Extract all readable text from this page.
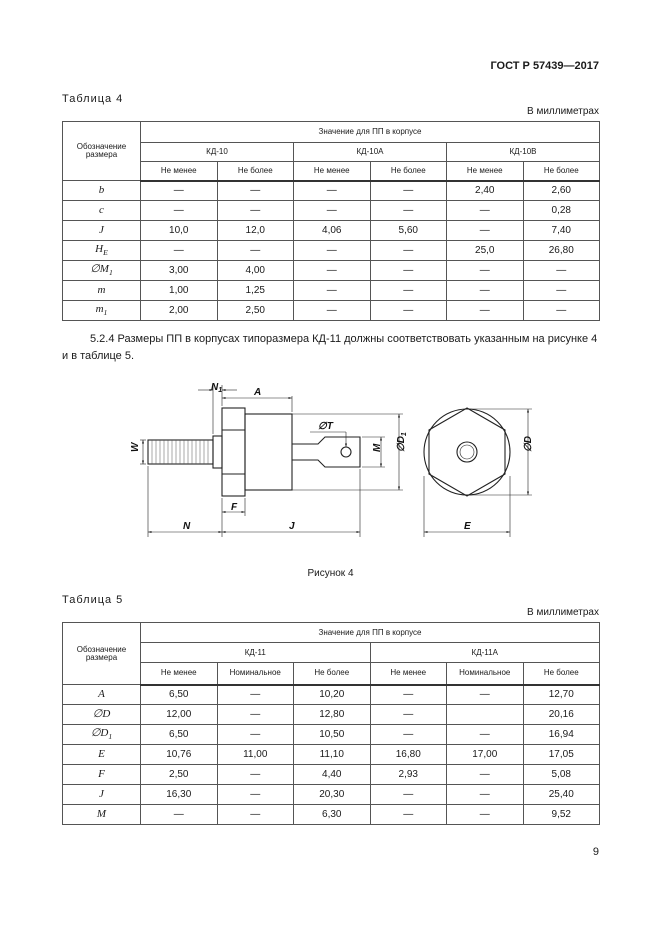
ГОСТ Р 57439—2017
Таблица 4
В миллиметрах
Обозначение размера	Значение для ПП в корпусе					
	КД-10		КД-10А		КД-10В	
	Не менее	Не более	Не менее	Не более	Не менее	Не более
b	—	—	—	—	2,40	2,60
c	—	—	—	—	—	0,28
J	10,0	12,0	4,06	5,60	—	7,40
$H_E$	—	—	—	—	25,0	26,80
$\emptyset M_1$	3,00	4,00	—	—	—	—
m	1,00	1,25	—	—	—	—
$m_1$	2,00	2,50	—	—	—	—
5.2.4 Размеры ПП в корпусах типоразмера КД-11 должны соответствовать указанным на рисунке 4 и в таблице 5.
$N_1$	A
W
∅T
M $\emptyset D_1$
∅D
F
N	J	E
Рисунок 4
Таблица 5
В миллиметрах
Обозначение размера	Значение для ПП в корпусе					
	КД-11			КД-11А		
	Не менее	Номинальное	Не более	Не менее	Номинальное	Не более
A	6,50	—	10,20	—	—	12,70
∅D	12,00	—	12,80	—		20,16
$\emptyset D_1$	6,50	—	10,50	—	—	16,94
E	10,76	11,00	11,10	16,80	17,00	17,05
F	2,50	—	4,40	2,93	—	5,08
J	16,30	—	20,30	—	—	25,40
M	—	—	6,30	—	—	9,52
9
